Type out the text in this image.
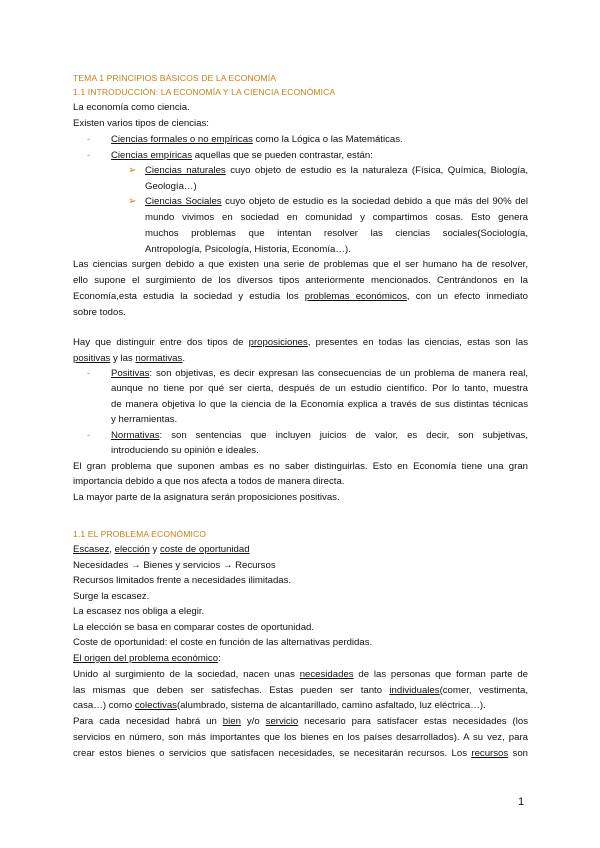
TEMA 1 PRINCIPIOS BÁSICOS DE LA ECONOMÍA
1.1 INTRODUCCIÓN: LA ECONOMÍA Y LA CIENCIA ECONÓMICA
La economía como ciencia.
Existen varios tipos de ciencias:
- Ciencias formales o no empíricas como la Lógica o las Matemáticas.
- Ciencias empíricas aquellas que se pueden contrastar, están:
➢ Ciencias naturales cuyo objeto de estudio es la naturaleza (Física, Química, Biología,
Geología…)
➢ Ciencias Sociales cuyo objeto de estudio es la sociedad debido a que más del 90% del
mundo vivimos en sociedad en comunidad y compartimos cosas. Esto genera
muchos problemas que intentan resolver las ciencias sociales(Sociología,
Antropología, Psicología, Historia, Economía…).
Las ciencias surgen debido a que existen una serie de problemas que el ser humano ha de resolver,
ello supone el surgimiento de los diversos tipos anteriormente mencionados. Centrándonos en la
Economía,esta estudia la sociedad y estudia los problemas económicos, con un efecto inmediato
sobre todos.
Hay que distinguir entre dos tipos de proposiciones, presentes en todas las ciencias, estas son las
positivas y las normativas.
- Positivas: son objetivas, es decir expresan las consecuencias de un problema de manera real,
aunque no tiene por qué ser cierta, después de un estudio científico. Por lo tanto, muestra
de manera objetiva lo que la ciencia de la Economía explica a través de sus distintas técnicas
y herramientas.
- Normativas: son sentencias que incluyen juicios de valor, es decir, son subjetivas,
introduciendo su opinión e ideales.
El gran problema que suponen ambas es no saber distinguirlas. Esto en Economía tiene una gran
importancia debido a que nos afecta a todos de manera directa.
La mayor parte de la asignatura serán proposiciones positivas.
1.1 EL PROBLEMA ECONÓMICO
Escasez, elección y coste de oportunidad
Necesidades → Bienes y servicios → Recursos
Recursos limitados frente a necesidades ilimitadas.
Surge la escasez.
La escasez nos obliga a elegir.
La elección se basa en comparar costes de oportunidad.
Coste de oportunidad: el coste en función de las alternativas perdidas.
El origen del problema económico:
Unido al surgimiento de la sociedad, nacen unas necesidades de las personas que forman parte de
las mismas que deben ser satisfechas. Estas pueden ser tanto individuales(comer, vestimenta,
casa…) como colectivas(alumbrado, sistema de alcantarillado, camino asfaltado, luz eléctrica…).
Para cada necesidad habrá un bien y/o servicio necesario para satisfacer estas necesidades (los
servicios en número, son más importantes que los bienes en los países desarrollados). A su vez, para
crear estos bienes o servicios que satisfacen necesidades, se necesitarán recursos. Los recursos son
1
